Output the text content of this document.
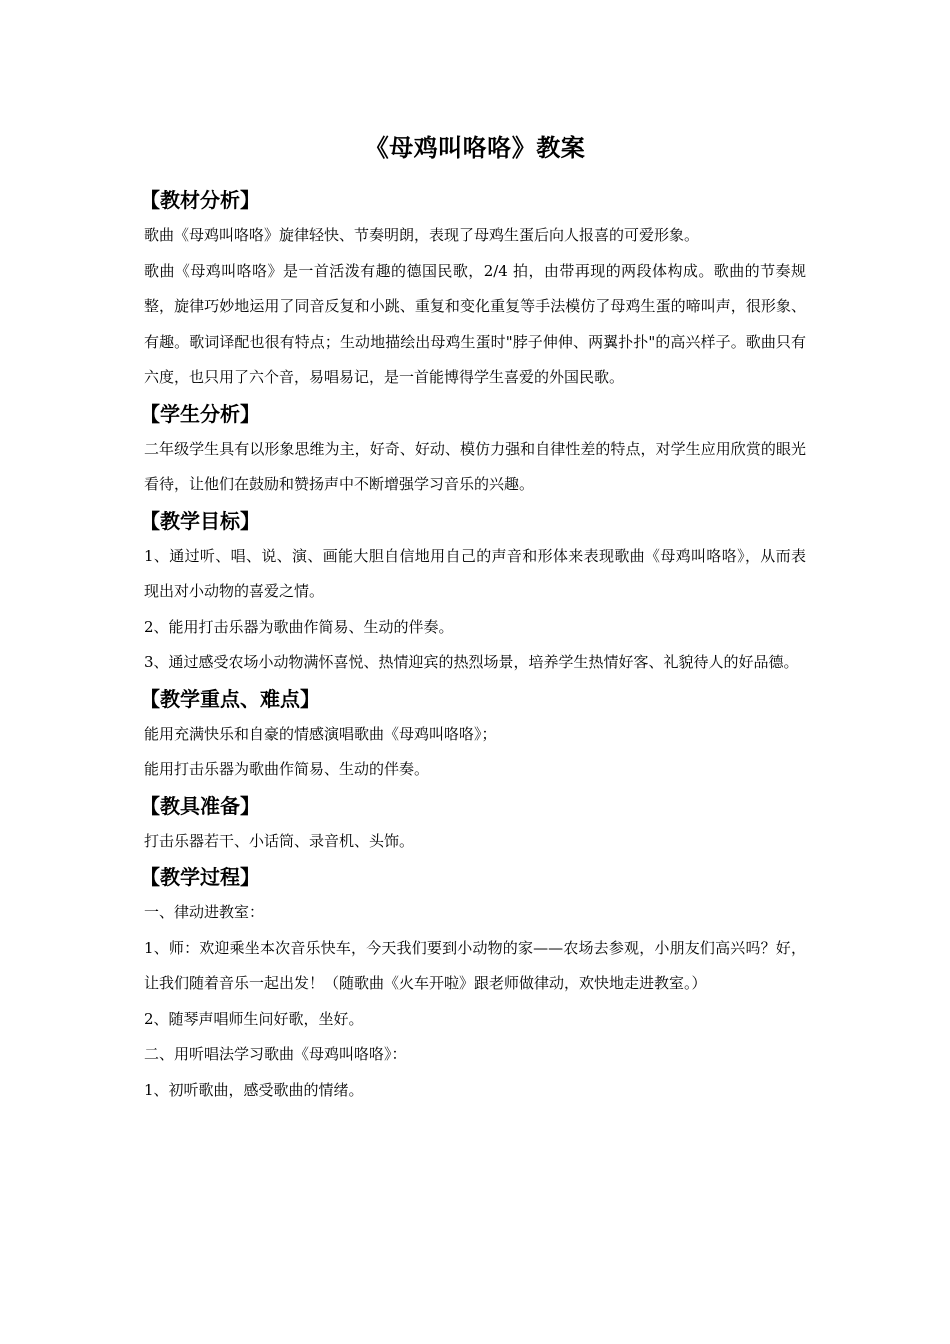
《母鸡叫咯咯》教案
【教材分析】

歌曲《母鸡叫咯咯》旋律轻快、节奏明朗，表现了母鸡生蛋后向人报喜的可爱形象。

歌曲《母鸡叫咯咯》是一首活泼有趣的德国民歌，2/4 拍，由带再现的两段体构成。歌曲的节奏规整，旋律巧妙地运用了同音反复和小跳、重复和变化重复等手法模仿了母鸡生蛋的啼叫声，很形象、有趣。歌词译配也很有特点；生动地描绘出母鸡生蛋时"脖子伸伸、两翼扑扑"的高兴样子。歌曲只有六度，也只用了六个音，易唱易记，是一首能博得学生喜爱的外国民歌。

【学生分析】

二年级学生具有以形象思维为主，好奇、好动、模仿力强和自律性差的特点，对学生应用欣赏的眼光看待，让他们在鼓励和赞扬声中不断增强学习音乐的兴趣。

【教学目标】

1、通过听、唱、说、演、画能大胆自信地用自己的声音和形体来表现歌曲《母鸡叫咯咯》，从而表现出对小动物的喜爱之情。

2、能用打击乐器为歌曲作简易、生动的伴奏。

3、通过感受农场小动物满怀喜悦、热情迎宾的热烈场景，培养学生热情好客、礼貌待人的好品德。

【教学重点、难点】

能用充满快乐和自豪的情感演唱歌曲《母鸡叫咯咯》；

能用打击乐器为歌曲作简易、生动的伴奏。

【教具准备】

打击乐器若干、小话筒、录音机、头饰。

【教学过程】

一、律动进教室：

1、师：欢迎乘坐本次音乐快车，今天我们要到小动物的家——农场去参观，小朋友们高兴吗？好，让我们随着音乐一起出发！（随歌曲《火车开啦》跟老师做律动，欢快地走进教室。）

2、随琴声唱师生问好歌，坐好。

二、用听唱法学习歌曲《母鸡叫咯咯》：

1、初听歌曲，感受歌曲的情绪。
